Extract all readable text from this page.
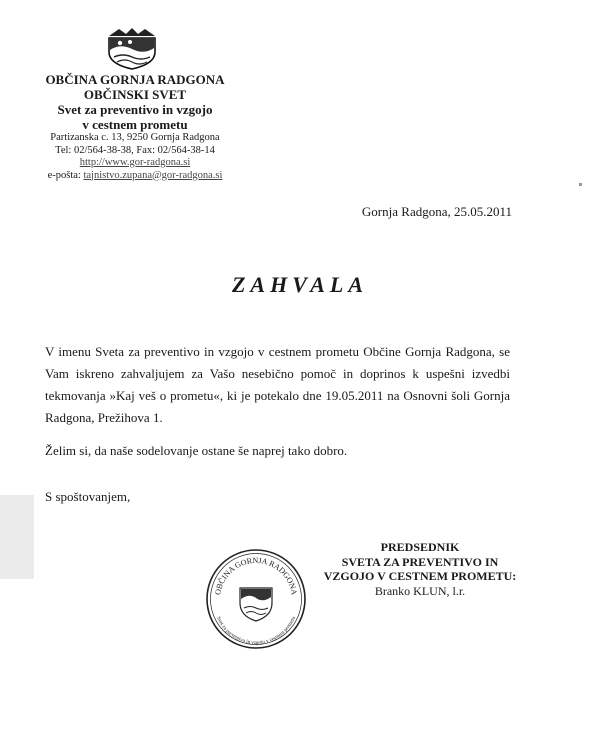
OBČINA GORNJA RADGONA
OBČINSKI SVET
Svet za preventivo in vzgojo
v cestnem prometu
Partizanska c. 13, 9250 Gornja Radgona
Tel: 02/564-38-38, Fax: 02/564-38-14
http://www.gor-radgona.si
e-pošta: tajnistvo.zupana@gor-radgona.si
Gornja Radgona, 25.05.2011
ZAHVALA
V imenu Sveta za preventivo in vzgojo v cestnem prometu Občine Gornja Radgona, se Vam iskreno zahvaljujem za Vašo nesebično pomoč in doprinos k uspešni izvedbi tekmovanja »Kaj veš o prometu«, ki je potekalo dne 19.05.2011 na Osnovni šoli Gornja Radgona, Prežihova 1.
Želim si, da naše sodelovanje ostane še naprej tako dobro.
S spoštovanjem,
PREDSEDNIK
SVETA ZA PREVENTIVO IN
VZGOJO V CESTNEM PROMETU:
Branko KLUN, l.r.
OBČINA GORNJA RADGONA
Svet za preventivo in vzgojo v cestnem prometu
